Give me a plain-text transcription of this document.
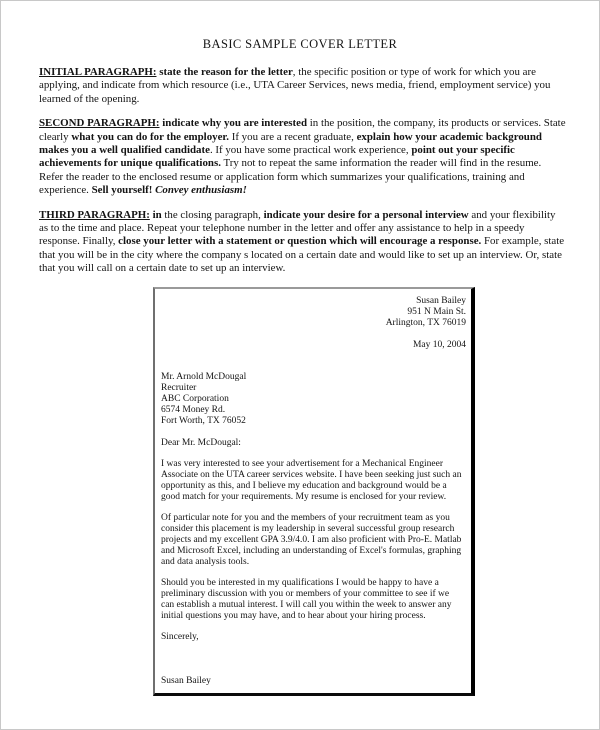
BASIC SAMPLE COVER LETTER

INITIAL PARAGRAPH: state the reason for the letter, the specific position or type of work for which you are applying, and indicate from which resource (i.e., UTA Career Services, news media, friend, employment service) you learned of the opening.

SECOND PARAGRAPH: indicate why you are interested in the position, the company, its products or services. State clearly what you can do for the employer. If you are a recent graduate, explain how your academic background makes you a well qualified candidate. If you have some practical work experience, point out your specific achievements for unique qualifications. Try not to repeat the same information the reader will find in the resume. Refer the reader to the enclosed resume or application form which summarizes your qualifications, training and experience. Sell yourself! Convey enthusiasm!

THIRD PARAGRAPH: in the closing paragraph, indicate your desire for a personal interview and your flexibility as to the time and place. Repeat your telephone number in the letter and offer any assistance to help in a speedy response. Finally, close your letter with a statement or question which will encourage a response. For example, state that you will be in the city where the company s located on a certain date and would like to set up an interview. Or, state that you will call on a certain date to set up an interview.

Susan Bailey
951 N Main St.
Arlington, TX 76019
May 10, 2004
Mr. Arnold McDougal
Recruiter
ABC Corporation
6574 Money Rd.
Fort Worth, TX 76052
Dear Mr. McDougal:

I was very interested to see your advertisement for a Mechanical Engineer Associate on the UTA career services website. I have been seeking just such an opportunity as this, and I believe my education and background would be a good match for your requirements. My resume is enclosed for your review.

Of particular note for you and the members of your recruitment team as you consider this placement is my leadership in several successful group research projects and my excellent GPA 3.9/4.0. I am also proficient with Pro-E. Matlab and Microsoft Excel, including an understanding of Excel's formulas, graphing and data analysis tools.

Should you be interested in my qualifications I would be happy to have a preliminary discussion with you or members of your committee to see if we can establish a mutual interest. I will call you within the week to answer any initial questions you may have, and to hear about your hiring process.

Sincerely,
Susan Bailey
